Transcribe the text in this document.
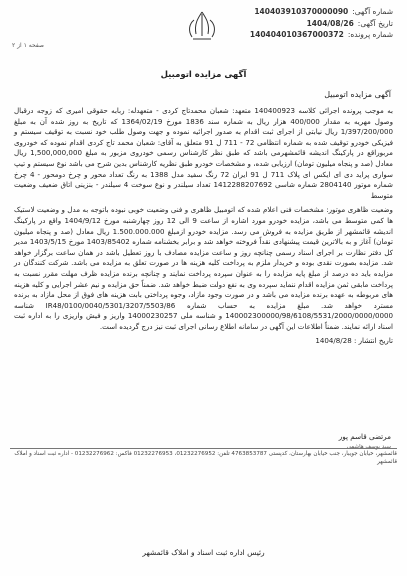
شماره آگهی:
140403910370000090
تاریخ آگهی:
1404/08/26
شماره پرونده:
140404010367000372
صفحه ۱ از ۲
آگهی مزایده اتومبیل
آگهی مزایده اتومبیل

به موجب پرونده اجرائی کلاسه 140400923 متعهد: شعبان محمدتاج کردی - متعهدله: ربابه حقوقی امیری که زوجه درقبال وصول مهریه به مقدار 400/000 هزار ریال به شماره سند 1836 مورخ 1364/02/19 که تاریخ به روز شده آن به مبلغ 1/397/200/000 ریال نیابتی از اجرای ثبت اقدام به صدور اجرائیه نموده و جهت وصول طلب خود نسبت به توقیف سیستم و فیزیکی خودرو توقیف شده به شماره انتظامی 72 - 711 ل 91 متعلق به آقای: شعبان محمد تاج کردی اقدام نموده که خودروی مربوراقع در پارکینگ اندیشه قائمشهرمی باشد که طبق نظر کارشناس رسمی خودروی مزبور به مبلغ 1,500,000,000 ریال معادل (صد و پنجاه میلیون تومان) ارزیابی شده، و مشخصات خودرو طبق نظریه کارشناس بدین شرح می باشد نوع سیستم و تیپ سواری پراید دی ای ایکس ای پلاک 711 ل 91 ایران 72 رنگ سفید مدل 1388 به رنگ تعداد محور و چرخ دومحور - 4 چرخ شماره موتور 2804140 شماره شاسی 1412288207692 تعداد سیلندر و نوع سوخت 4 سیلندر - بنزینی اتاق ضعیف وضعیت متوسط

وضعیت ظاهری موتور: مشخصات فنی اعلام شده که اتومبیل ظاهری و فنی وضعیت خوبی نبوده باتوجه به مدل و وضعیت لاستیک ها کمی متوسط می باشد، مزایده خودرو مورد اشاره از ساعت 9 الی 12 روز چهارشنبه مورخ 1404/9/12 واقع در پارکینگ اندیشه قائمشهر از طریق مزایده به فروش می رسد. مزایده خودرو ازمبلغ 1.500.000.000 ریال معادل (صد و پنجاه میلیون تومان) آغاز و به بالاترین قیمت پیشنهادی نقداً فروخته خواهد شد و برابر بخشنامه شماره 1403/85402 مورخ 1403/5/15 مدیر کل دفتر نظارت بر اجرای اسناد رسمی چنانچه روز و ساعت مزایده مصادف با روز تعطیل باشد در همان ساعت برگزار خواهد شد. مزایده بصورت نقدی بوده و خریدار ملزم به پرداخت کلیه هزینه ها در صورت تعلق به مزایده می باشد. شرکت کنندگان در مزایده باید ده درصد از مبلغ پایه مزایده را به عنوان سپرده پرداخت نمایند و چنانچه برنده مزایده ظرف مهلت مقرر نسبت به پرداخت مابقی ثمن مزایده اقدام ننماید سپرده وی به نفع دولت ضبط خواهد شد. ضمناً حق مزایده و نیم عشر اجرایی و کلیه هزینه های مربوطه به عهده برنده مزایده می باشد و در صورت وجود مازاد، وجوه پرداختی بابت هزینه های فوق از محل مازاد به برنده مسترد خواهد شد. مبلغ مزایده به حساب شماره IR48/0100/0040/5301/3207/5503/86 شناسه 140002300000/98/6108/5531/2000/0000/0000 و شناسه ملی 14000230257 واریز و فیش واریزی را به اداره ثبت اسناد ارائه نمایند. ضمناً اطلاعات این آگهی در سامانه اطلاع رسانی اجرای ثبت نیز درج گردیده است.

تاریخ انتشار : 1404/8/28
مرتضی قاسم پور
سید یوسف هاشمی
قائمشهر، خیابان جویبار، جنب خیابان بهارستان، کدپستی 4763853787 تلفن: 01232276952، 01232276953 فاکس: 01232276962 - اداره ثبت اسناد و املاک قائمشهر
رئیس اداره ثبت اسناد و املاک قائمشهر
